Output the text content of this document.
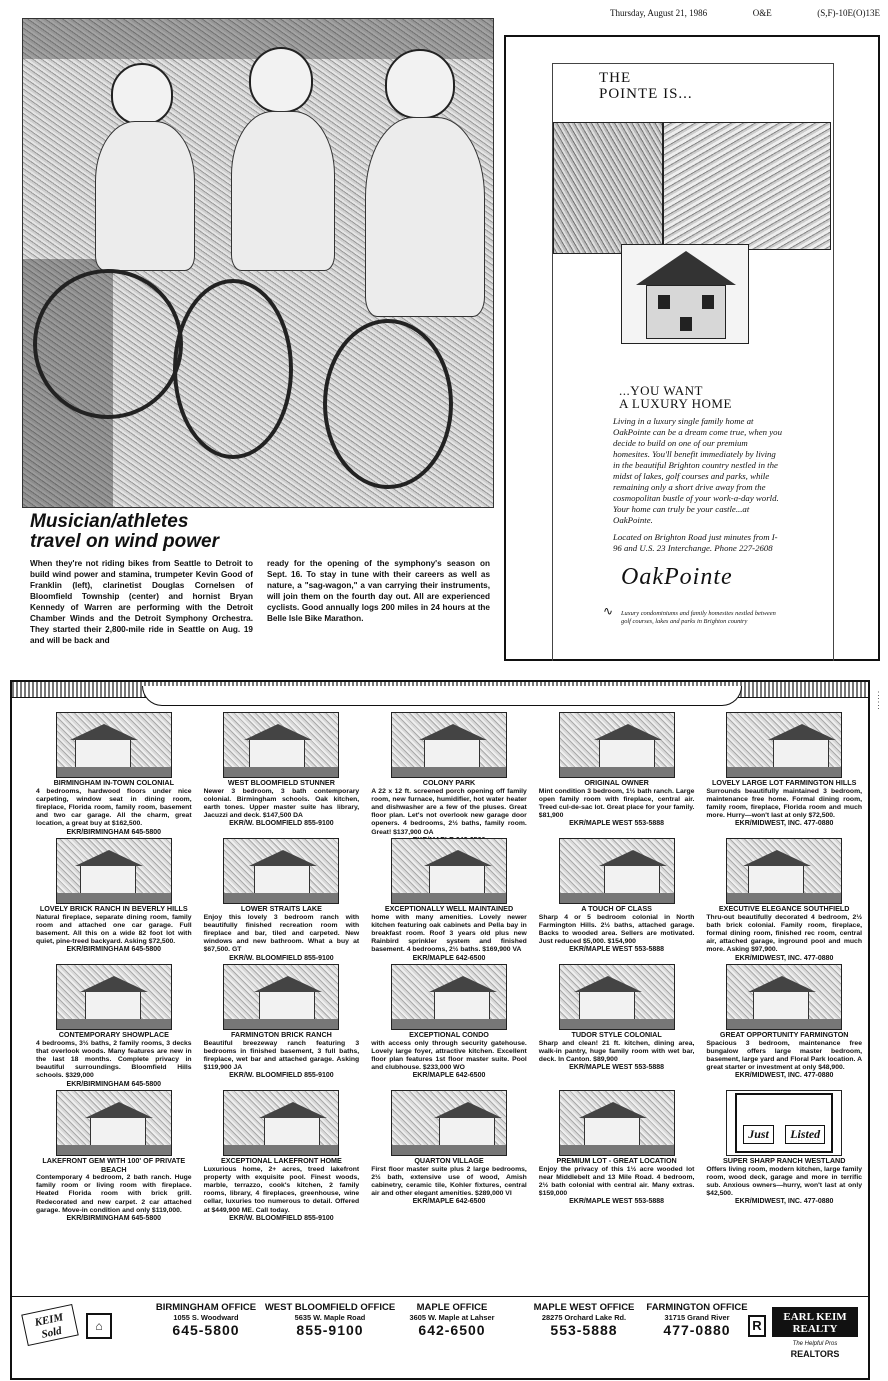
Thursday, August 21, 1986	O&E	(S,F)-10E(O)13E
Musician/athletes
travel on wind power

When they're not riding bikes from Seattle to Detroit to build wind power and stamina, trumpeter Kevin Good of Franklin (left), clarinetist Douglas Cornelsen of Bloomfield Township (center) and hornist Bryan Kennedy of Warren are performing with the Detroit Chamber Winds and the Detroit Symphony Orchestra. They started their 2,800-mile ride in Seattle on Aug. 19 and will be back and

ready for the opening of the symphony's season on Sept. 16. To stay in tune with their careers as well as nature, a "sag-wagon," a van carrying their instruments, will join them on the fourth day out. All are experienced cyclists. Good annually logs 200 miles in 24 hours at the Belle Isle Bike Marathon.

THE
POINTE IS...
...YOU WANT
A LUXURY HOME

Living in a luxury single family home at OakPointe can be a dream come true, when you decide to build on one of our premium homesites. You'll benefit immediately by living in the beautiful Brighton country nestled in the midst of lakes, golf courses and parks, while remaining only a short drive away from the cosmopolitan bustle of your work-a-day world. Your home can truly be your castle...at OakPointe.

Located on Brighton Road just minutes from I-96 and U.S. 23 Interchange. Phone 227-2608

OakPointe
∿ Luxury condominiums and family homesites nestled between golf courses, lakes and parks in Brighton country
BIRMINGHAM IN-TOWN COLONIAL
4 bedrooms, hardwood floors under nice carpeting, window seat in dining room, fireplace, Florida room, family room, basement and two car garage. All the charm, great location, a great buy at $162,500.
EKR/BIRMINGHAM 645-5800
WEST BLOOMFIELD STUNNER
Newer 3 bedroom, 3 bath contemporary colonial. Birmingham schools. Oak kitchen, earth tones. Upper master suite has library, Jacuzzi and deck. $147,500 DA
EKR/W. BLOOMFIELD 855-9100
COLONY PARK
A 22 x 12 ft. screened porch opening off family room, new furnace, humidifier, hot water heater and dishwasher are a few of the pluses. Great floor plan. Let's not overlook new garage door openers. 4 bedrooms, 2½ baths, family room. Great! $137,900 OA
ORIGINAL OWNER
Mint condition 3 bedroom, 1½ bath ranch. Large open family room with fireplace, central air. Treed cul-de-sac lot. Great place for your family. $81,900
EKR/MAPLE WEST 553-5888
LOVELY LARGE LOT FARMINGTON HILLS
Surrounds beautifully maintained 3 bedroom, maintenance free home. Formal dining room, family room, fireplace, Florida room and much more. Hurry—won't last at only $72,500.
EKR/MIDWEST, INC. 477-0880
LOVELY BRICK RANCH IN BEVERLY HILLS
Natural fireplace, separate dining room, family room and attached one car garage. Full basement. All this on a wide 82 foot lot with quiet, pine-treed backyard. Asking $72,500.
EKR/BIRMINGHAM 645-5800
LOWER STRAITS LAKE
Enjoy this lovely 3 bedroom ranch with beautifully finished recreation room with fireplace and bar, tiled and carpeted. New windows and new bathroom. What a buy at $67,500. GT
EKR/W. BLOOMFIELD 855-9100
EXCEPTIONALLY WELL MAINTAINED
home with many amenities. Lovely newer kitchen featuring oak cabinets and Pella bay in breakfast room. Roof 3 years old plus new Rainbird sprinkler system and finished basement. 4 bedrooms, 2½ baths. $169,900 VA
EKR/MAPLE 642-6500
A TOUCH OF CLASS
Sharp 4 or 5 bedroom colonial in North Farmington Hills. 2½ baths, attached garage. Backs to wooded area. Sellers are motivated. Just reduced $5,000. $154,900
EKR/MAPLE WEST 553-5888
EXECUTIVE ELEGANCE SOUTHFIELD
Thru-out beautifully decorated 4 bedroom, 2½ bath brick colonial. Family room, fireplace, formal dining room, finished rec room, central air, attached garage, inground pool and much more. Asking $97,900.
EKR/MIDWEST, INC. 477-0880
CONTEMPORARY SHOWPLACE
4 bedrooms, 3½ baths, 2 family rooms, 3 decks that overlook woods. Many features are new in the last 18 months. Complete privacy in beautiful surroundings. Bloomfield Hills schools. $329,000
EKR/BIRMINGHAM 645-5800
FARMINGTON BRICK RANCH
Beautiful breezeway ranch featuring 3 bedrooms in finished basement, 3 full baths, fireplace, wet bar and attached garage. Asking $119,900 JA
EKR/W. BLOOMFIELD 855-9100
EXCEPTIONAL CONDO
with access only through security gatehouse. Lovely large foyer, attractive kitchen. Excellent floor plan features 1st floor master suite. Pool and clubhouse. $233,000 WO
EKR/MAPLE 642-6500
TUDOR STYLE COLONIAL
Sharp and clean! 21 ft. kitchen, dining area, walk-in pantry, huge family room with wet bar, deck. In Canton. $89,900
EKR/MAPLE WEST 553-5888
GREAT OPPORTUNITY FARMINGTON
Spacious 3 bedroom, maintenance free bungalow offers large master bedroom, basement, large yard and Floral Park location. A great starter or investment at only $48,900.
EKR/MIDWEST, INC. 477-0880
LAKEFRONT GEM WITH 100' OF PRIVATE BEACH
Contemporary 4 bedroom, 2 bath ranch. Huge family room or living room with fireplace. Heated Florida room with brick grill. Redecorated and new carpet. 2 car attached garage. Move-in condition and only $119,000.
EKR/BIRMINGHAM 645-5800
EXCEPTIONAL LAKEFRONT HOME
Luxurious home, 2+ acres, treed lakefront property with exquisite pool. Finest woods, marble, terrazzo, cook's kitchen, 2 family rooms, library, 4 fireplaces, greenhouse, wine cellar, luxuries too numerous to detail. Offered at $449,900 ME. Call today.
EKR/W. BLOOMFIELD 855-9100
QUARTON VILLAGE
First floor master suite plus 2 large bedrooms, 2½ bath, extensive use of wood, Amish cabinetry, ceramic tile, Kohler fixtures, central air and other elegant amenities. $289,000 VI
EKR/MAPLE 642-6500
PREMIUM LOT - GREAT LOCATION
Enjoy the privacy of this 1½ acre wooded lot near Middlebelt and 13 Mile Road. 4 bedroom, 2½ bath colonial with central air. Many extras. $159,000
EKR/MAPLE WEST 553-5888
Just	Listed
SUPER SHARP RANCH WESTLAND
Offers living room, modern kitchen, large family room, wood deck, garage and more in terrific sub. Anxious owners—hurry, won't last at only $42,500.
EKR/MIDWEST, INC. 477-0880
KEIM Sold	⌂
BIRMINGHAM OFFICE
1055 S. Woodward
645-5800
WEST BLOOMFIELD OFFICE
5635 W. Maple Road
855-9100
MAPLE OFFICE
3605 W. Maple at Lahser
642-6500
MAPLE WEST OFFICE
28275 Orchard Lake Rd.
553-5888
FARMINGTON OFFICE
31715 Grand River
477-0880	R
EARL KEIM REALTY
The Helpful Pros
REALTORS
⋮
⋮
